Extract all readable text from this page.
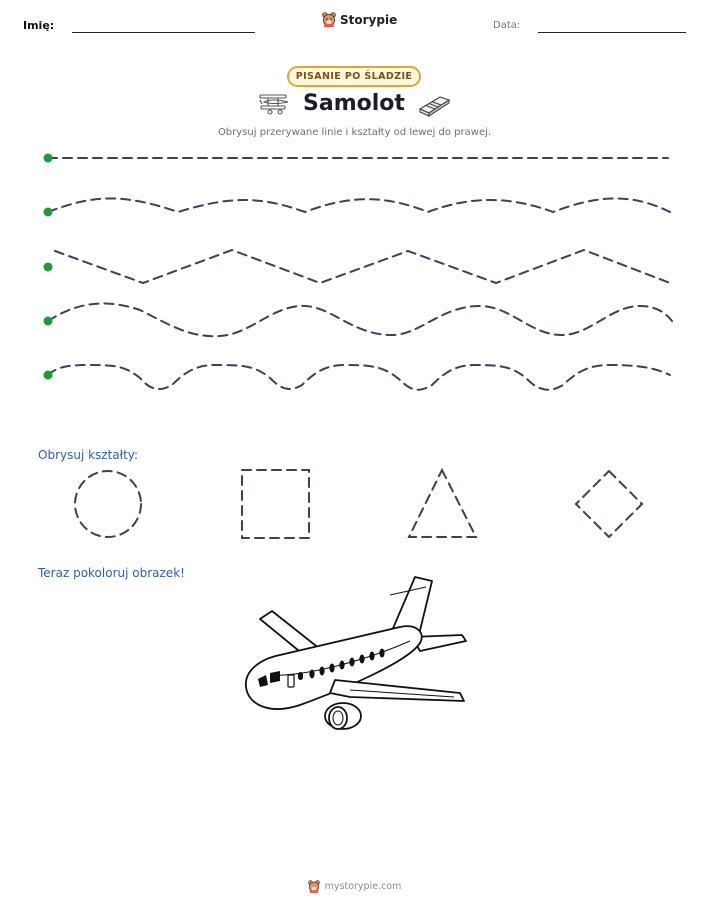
Imię:	Storypie	Data:
PISANIE PO ŚLADZIE
Samolot
Obrysuj przerywane linie i kształty od lewej do prawej.
Obrysuj kształty:
Teraz pokoloruj obrazek!
mystorypie.com
